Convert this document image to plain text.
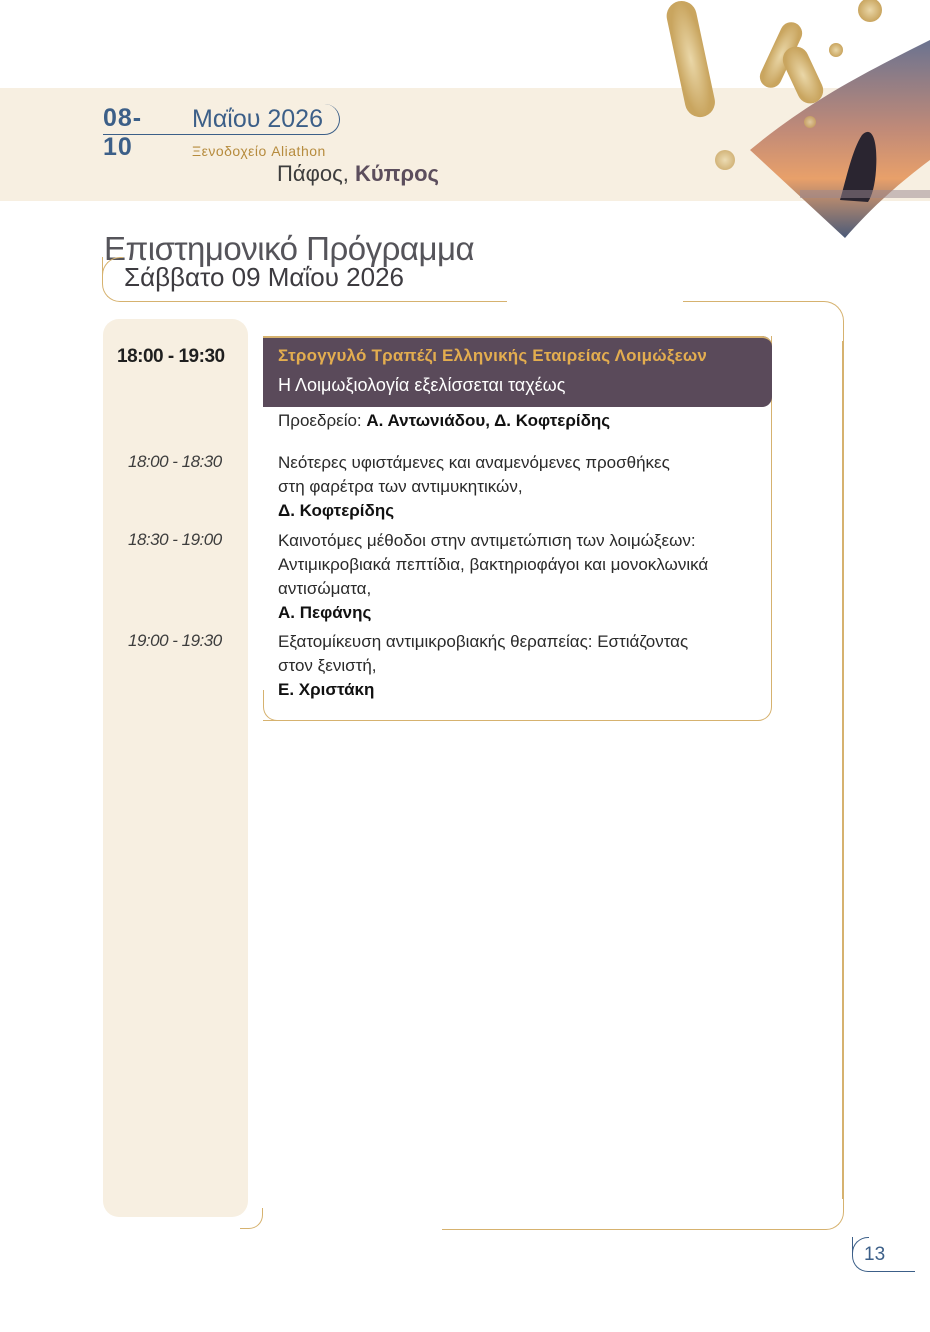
08-10
Μαΐου 2026
Ξενοδοχείο Aliathon
Πάφος, Κύπρος
Επιστημονικό Πρόγραμμα
Σάββατο 09 Μαΐου 2026
18:00 - 19:30	Στρογγυλό Τραπέζι Ελληνικής Εταιρείας Λοιμώξεων
Η Λοιμωξιολογία εξελίσσεται ταχέως
Προεδρείο: Α. Αντωνιάδου, Δ. Κοφτερίδης
18:00 - 18:30	Νεότερες υφιστάμενες και αναμενόμενες προσθήκες
στη φαρέτρα των αντιμυκητικών,
Δ. Κοφτερίδης
18:30 - 19:00	Καινοτόμες μέθοδοι στην αντιμετώπιση των λοιμώξεων:
Αντιμικροβιακά πεπτίδια, βακτηριοφάγοι και μονοκλωνικά
αντισώματα,
Α. Πεφάνης
19:00 - 19:30	Εξατομίκευση αντιμικροβιακής θεραπείας: Εστιάζοντας
στον ξενιστή,
Ε. Χριστάκη
13
